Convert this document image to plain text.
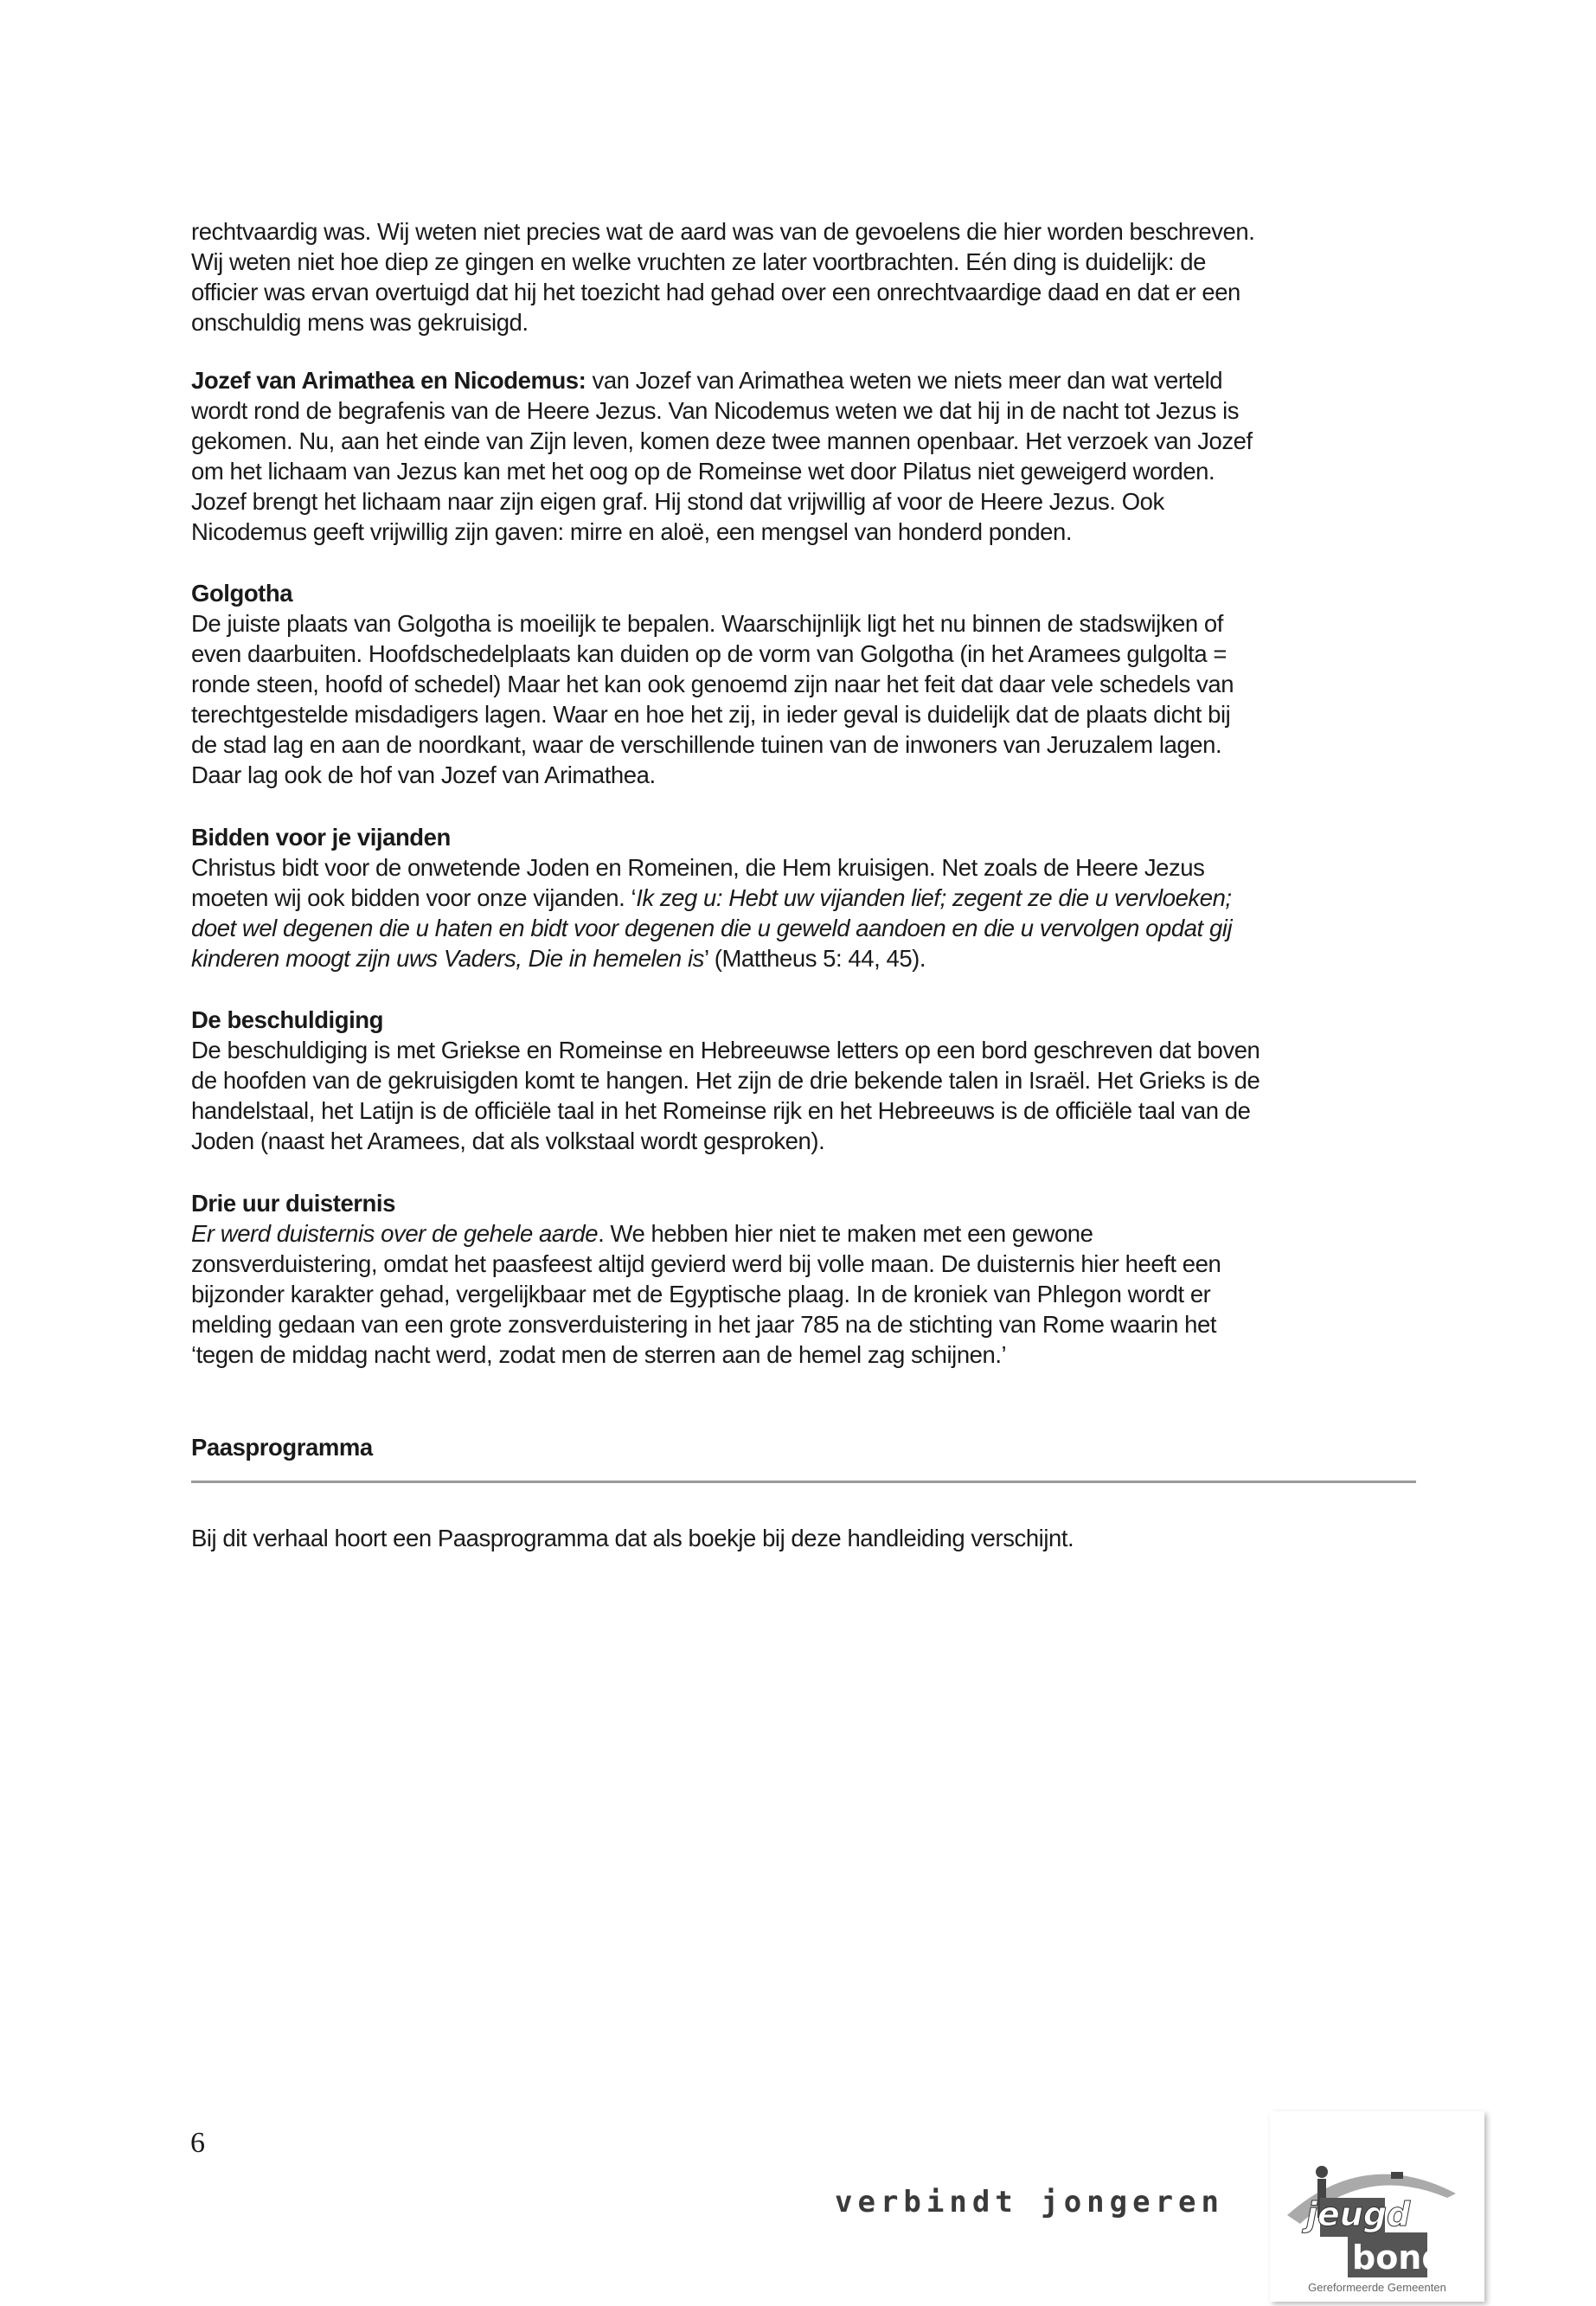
rechtvaardig was. Wij weten niet precies wat de aard was van de gevoelens die hier worden beschreven.
Wij weten niet hoe diep ze gingen en welke vruchten ze later voortbrachten. Eén ding is duidelijk: de
officier was ervan overtuigd dat hij het toezicht had gehad over een onrechtvaardige daad en dat er een
onschuldig mens was gekruisigd.
Jozef van Arimathea en Nicodemus: van Jozef van Arimathea weten we niets meer dan wat verteld
wordt rond de begrafenis van de Heere Jezus. Van Nicodemus weten we dat hij in de nacht tot Jezus is
gekomen. Nu, aan het einde van Zijn leven, komen deze twee mannen openbaar. Het verzoek van Jozef
om het lichaam van Jezus kan met het oog op de Romeinse wet door Pilatus niet geweigerd worden.
Jozef brengt het lichaam naar zijn eigen graf. Hij stond dat vrijwillig af voor de Heere Jezus. Ook
Nicodemus geeft vrijwillig zijn gaven: mirre en aloë, een mengsel van honderd ponden.
Golgotha
De juiste plaats van Golgotha is moeilijk te bepalen. Waarschijnlijk ligt het nu binnen de stadswijken of
even daarbuiten. Hoofdschedelplaats kan duiden op de vorm van Golgotha (in het Aramees gulgolta =
ronde steen, hoofd of schedel) Maar het kan ook genoemd zijn naar het feit dat daar vele schedels van
terechtgestelde misdadigers lagen. Waar en hoe het zij, in ieder geval is duidelijk dat de plaats dicht bij
de stad lag en aan de noordkant, waar de verschillende tuinen van de inwoners van Jeruzalem lagen.
Daar lag ook de hof van Jozef van Arimathea.
Bidden voor je vijanden
Christus bidt voor de onwetende Joden en Romeinen, die Hem kruisigen. Net zoals de Heere Jezus
moeten wij ook bidden voor onze vijanden. ‘Ik zeg u: Hebt uw vijanden lief; zegent ze die u vervloeken;
doet wel degenen die u haten en bidt voor degenen die u geweld aandoen en die u vervolgen opdat gij
kinderen moogt zijn uws Vaders, Die in hemelen is’ (Mattheus 5: 44, 45).
De beschuldiging
De beschuldiging is met Griekse en Romeinse en Hebreeuwse letters op een bord geschreven dat boven
de hoofden van de gekruisigden komt te hangen. Het zijn de drie bekende talen in Israël. Het Grieks is de
handelstaal, het Latijn is de officiële taal in het Romeinse rijk en het Hebreeuws is de officiële taal van de
Joden (naast het Aramees, dat als volkstaal wordt gesproken).
Drie uur duisternis
Er werd duisternis over de gehele aarde. We hebben hier niet te maken met een gewone
zonsverduistering, omdat het paasfeest altijd gevierd werd bij volle maan. De duisternis hier heeft een
bijzonder karakter gehad, vergelijkbaar met de Egyptische plaag. In de kroniek van Phlegon wordt er
melding gedaan van een grote zonsverduistering in het jaar 785 na de stichting van Rome waarin het
‘tegen de middag nacht werd, zodat men de sterren aan de hemel zag schijnen.’
Paasprogramma
Bij dit verhaal hoort een Paasprogramma dat als boekje bij deze handleiding verschijnt.
6
verbindt jongeren	jeugd
bond
Gereformeerde Gemeenten
